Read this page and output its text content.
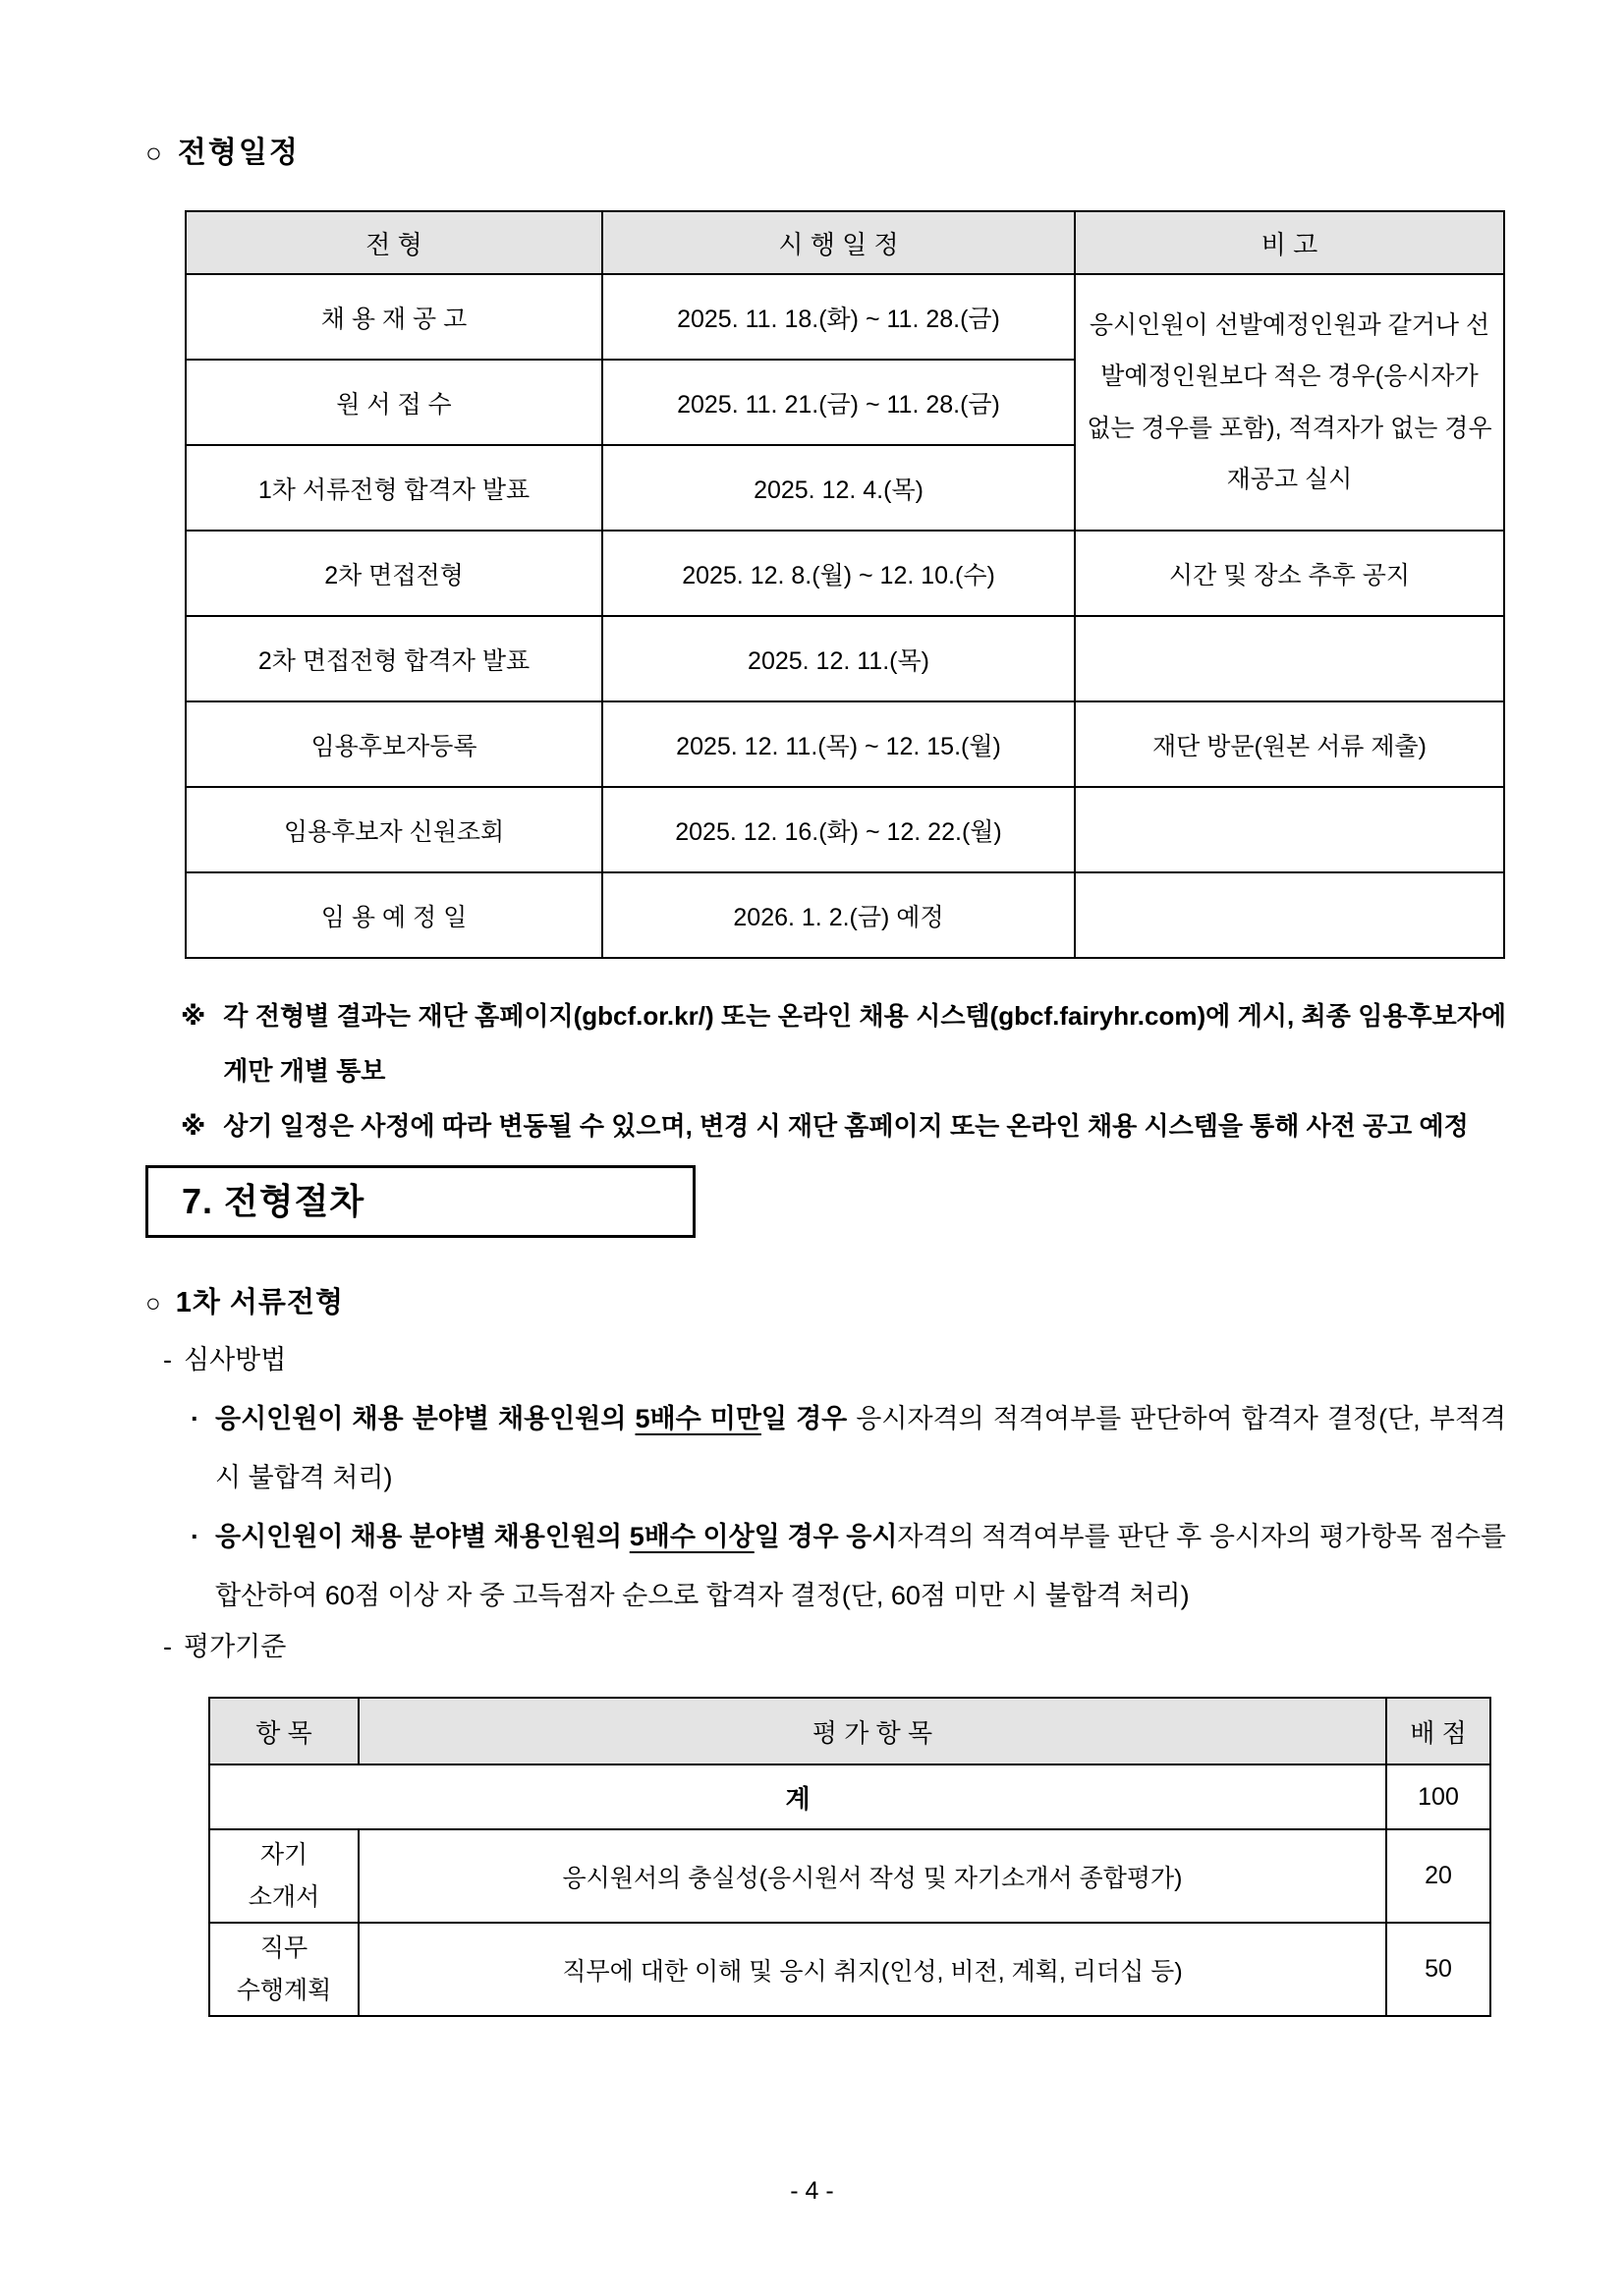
○ 전형일정
전 형	시 행 일 정	비 고
채 용 재 공 고	2025. 11. 18.(화) ~ 11. 28.(금)	응시인원이 선발예정인원과 같거나 선발예정인원보다 적은 경우(응시자가 없는 경우를 포함), 적격자가 없는 경우 재공고 실시
원 서 접 수	2025. 11. 21.(금) ~ 11. 28.(금)	
1차 서류전형 합격자 발표	2025. 12. 4.(목)	
2차 면접전형	2025. 12. 8.(월) ~ 12. 10.(수)	시간 및 장소 추후 공지
2차 면접전형 합격자 발표	2025. 12. 11.(목)	
임용후보자등록	2025. 12. 11.(목) ~ 12. 15.(월)	재단 방문(원본 서류 제출)
임용후보자 신원조회	2025. 12. 16.(화) ~ 12. 22.(월)	
임 용 예 정 일	2026. 1. 2.(금) 예정	
※ 각 전형별 결과는 재단 홈페이지(gbcf.or.kr/) 또는 온라인 채용 시스템(gbcf.fairyhr.com)에 게시, 최종 임용후보자에게만 개별 통보
※ 상기 일정은 사정에 따라 변동될 수 있으며, 변경 시 재단 홈페이지 또는 온라인 채용 시스템을 통해 사전 공고 예정
7. 전형절차
○ 1차 서류전형
- 심사방법
· 응시인원이 채용 분야별 채용인원의 5배수 미만일 경우 응시자격의 적격여부를 판단하여 합격자 결정(단, 부적격 시 불합격 처리)
· 응시인원이 채용 분야별 채용인원의 5배수 이상일 경우 응시자격의 적격여부를 판단 후 응시자의 평가항목 점수를 합산하여 60점 이상 자 중 고득점자 순으로 합격자 결정(단, 60점 미만 시 불합격 처리)
- 평가기준
항 목	평 가 항 목	배 점
계		100
자기
소개서	응시원서의 충실성(응시원서 작성 및 자기소개서 종합평가)	20
직무
수행계획	직무에 대한 이해 및 응시 취지(인성, 비전, 계획, 리더십 등)	50
- 4 -
